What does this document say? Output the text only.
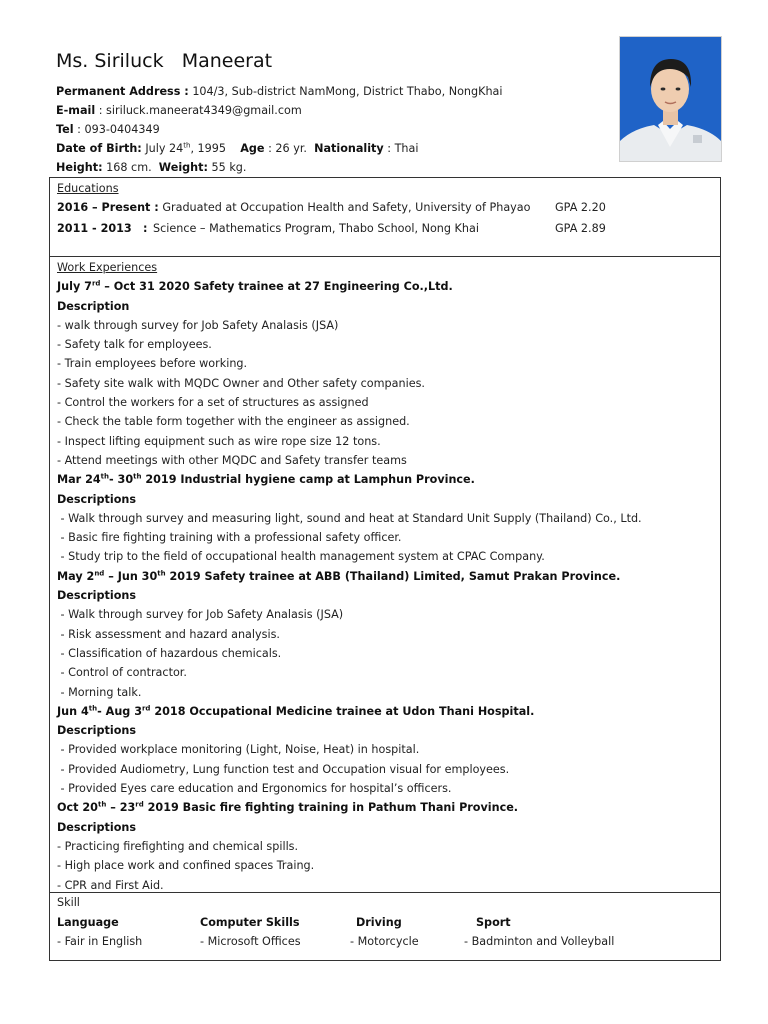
Ms. Siriluck   Maneerat
Permanent Address : 104/3, Sub-district NamMong, District Thabo, NongKhai
E-mail : siriluck.maneerat4349@gmail.com
Tel : 093-0404349
Date of Birth: July 24th, 1995 Age : 26 yr. Nationality : Thai
Height: 168 cm. Weight: 55 kg.
Educations
2016 – Present : Graduated at Occupation Health and Safety, University of Phayao GPA 2.20
2011 - 2013 : Science – Mathematics Program, Thabo School, Nong Khai	GPA 2.89
Work Experiences
July 7rd – Oct 31 2020 Safety trainee at 27 Engineering Co.,Ltd.
Description
- walk through survey for Job Safety Analasis (JSA)
- Safety talk for employees.
- Train employees before working.
- Safety site walk with MQDC Owner and Other safety companies.
- Control the workers for a set of structures as assigned
- Check the table form together with the engineer as assigned.
- Inspect lifting equipment such as wire rope size 12 tons.
- Attend meetings with other MQDC and Safety transfer teams
Mar 24th- 30th 2019 Industrial hygiene camp at Lamphun Province.
Descriptions
- Walk through survey and measuring light, sound and heat at Standard Unit Supply (Thailand) Co., Ltd.
- Basic fire fighting training with a professional safety officer.
- Study trip to the field of occupational health management system at CPAC Company.
May 2nd – Jun 30th 2019 Safety trainee at ABB (Thailand) Limited, Samut Prakan Province.
Descriptions
- Walk through survey for Job Safety Analasis (JSA)
- Risk assessment and hazard analysis.
- Classification of hazardous chemicals.
- Control of contractor.
- Morning talk.
Jun 4th- Aug 3rd 2018 Occupational Medicine trainee at Udon Thani Hospital.
Descriptions
- Provided workplace monitoring (Light, Noise, Heat) in hospital.
- Provided Audiometry, Lung function test and Occupation visual for employees.
- Provided Eyes care education and Ergonomics for hospital’s officers.
Oct 20th – 23rd 2019 Basic fire fighting training in Pathum Thani Province.
Descriptions
- Practicing firefighting and chemical spills.
- High place work and confined spaces Traing.
- CPR and First Aid.
Skill
Language	Computer Skills	Driving	Sport
- Fair in English	- Microsoft Offices	- Motorcycle	- Badminton and Volleyball
